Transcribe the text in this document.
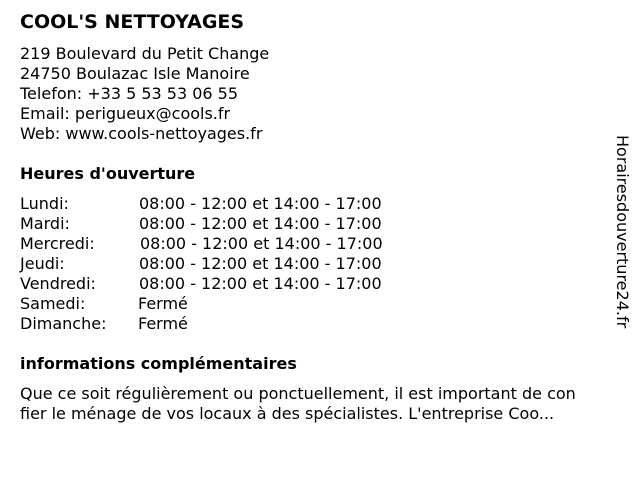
COOL'S NETTOYAGES
219 Boulevard du Petit Change
24750 Boulazac Isle Manoire
Telefon: +33 5 53 53 06 55
Email: perigueux@cools.fr
Web: www.cools-nettoyages.fr
Heures d'ouverture
Lundi:	08:00 - 12:00 et 14:00 - 17:00
Mardi:	08:00 - 12:00 et 14:00 - 17:00
Mercredi:	08:00 - 12:00 et 14:00 - 17:00
Jeudi:	08:00 - 12:00 et 14:00 - 17:00
Vendredi:	08:00 - 12:00 et 14:00 - 17:00
Samedi:	Fermé
Dimanche: Fermé
informations complémentaires
Que ce soit régulièrement ou ponctuellement, il est important de con
fier le ménage de vos locaux à des spécialistes. L'entreprise Coo...
Horairesdouverture24.fr
